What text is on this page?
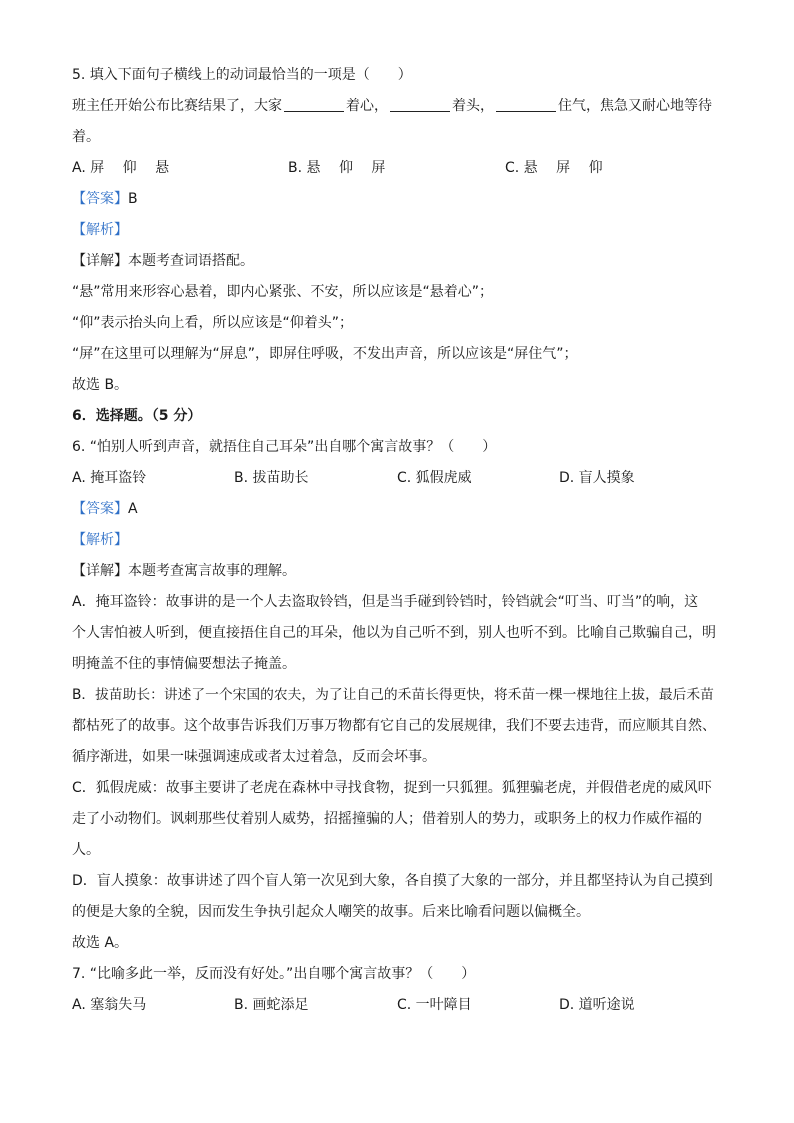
5. 填入下面句子横线上的动词最恰当的一项是（　　）
班主任开始公布比赛结果了，大家	着心，	着头，	住气，焦急又耐心地等待
着。
A. 屏　 仰　 悬	B. 悬　 仰　 屏	C. 悬　 屏　 仰
【答案】B
【解析】
【详解】本题考查词语搭配。
“悬”常用来形容心悬着，即内心紧张、不安，所以应该是“悬着心”；
“仰”表示抬头向上看，所以应该是“仰着头”；
“屏”在这里可以理解为“屏息”，即屏住呼吸，不发出声音，所以应该是“屏住气”；
故选 B。
6．选择题。（5 分）
6. “怕别人听到声音，就捂住自己耳朵”出自哪个寓言故事？（　　）
A. 掩耳盗铃	B. 拔苗助长	C. 狐假虎威	D. 盲人摸象
【答案】A
【解析】
【详解】本题考查寓言故事的理解。
A．掩耳盗铃：故事讲的是一个人去盗取铃铛，但是当手碰到铃铛时，铃铛就会“叮当、叮当”的响，这
个人害怕被人听到，便直接捂住自己的耳朵，他以为自己听不到，别人也听不到。比喻自己欺骗自己，明
明掩盖不住的事情偏要想法子掩盖。
B．拔苗助长：讲述了一个宋国的农夫，为了让自己的禾苗长得更快，将禾苗一棵一棵地往上拔，最后禾苗
都枯死了的故事。这个故事告诉我们万事万物都有它自己的发展规律，我们不要去违背，而应顺其自然、
循序渐进，如果一味强调速成或者太过着急，反而会坏事。
C．狐假虎威：故事主要讲了老虎在森林中寻找食物，捉到一只狐狸。狐狸骗老虎，并假借老虎的威风吓
走了小动物们。讽刺那些仗着别人威势，招摇撞骗的人；借着别人的势力，或职务上的权力作威作福的
人。
D．盲人摸象：故事讲述了四个盲人第一次见到大象，各自摸了大象的一部分，并且都坚持认为自己摸到
的便是大象的全貌，因而发生争执引起众人嘲笑的故事。后来比喻看问题以偏概全。
故选 A。
7. “比喻多此一举，反而没有好处。”出自哪个寓言故事？（　　）
A. 塞翁失马	B. 画蛇添足	C. 一叶障目	D. 道听途说
